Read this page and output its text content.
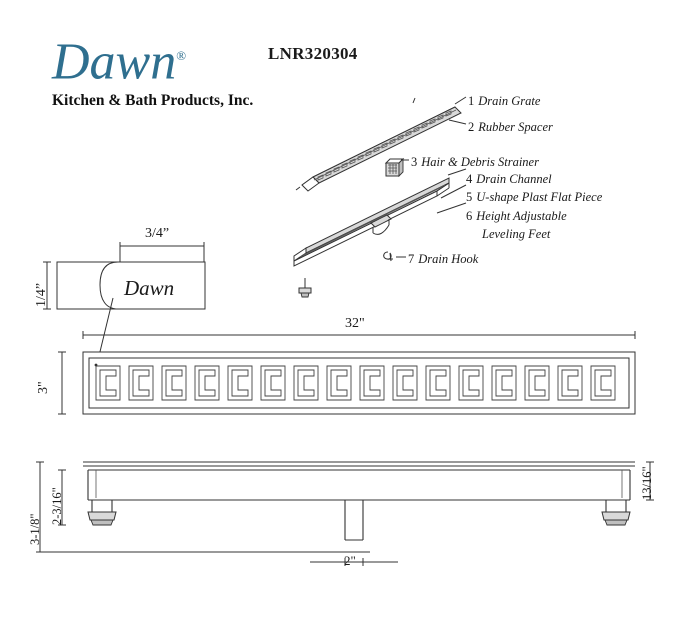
Dawn®
Kitchen & Bath Products, Inc.
LNR320304
1 Drain Grate
2 Rubber Spacer
3 Hair & Debris Strainer
4 Drain Channel
5 U-shape Plast Flat Piece
6 Height Adjustable
Leveling Feet
7 Drain Hook
3/4”
1/4”	Dawn
32"
3"
3-1/8"
2-3/16"
13/16"
2"
